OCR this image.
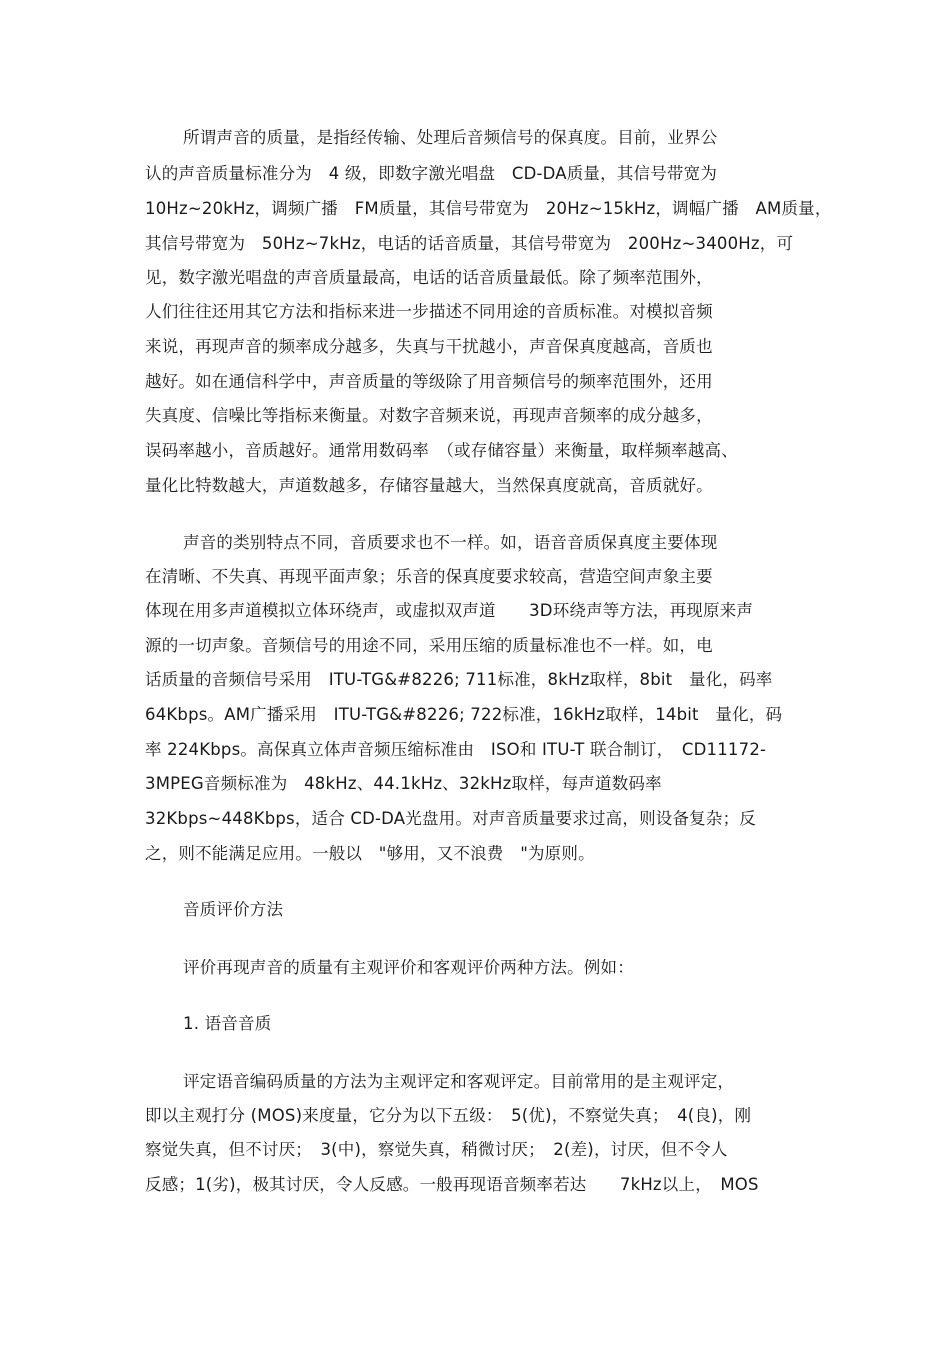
所谓声音的质量，是指经传输、处理后音频信号的保真度。目前，业界公
认的声音质量标准分为　4 级，即数字激光唱盘　CD-DA质量，其信号带宽为
10Hz~20kHz，调频广播　FM质量，其信号带宽为　20Hz~15kHz，调幅广播　AM质量，
其信号带宽为　50Hz~7kHz，电话的话音质量，其信号带宽为　200Hz~3400Hz，可
见，数字激光唱盘的声音质量最高，电话的话音质量最低。除了频率范围外，
人们往往还用其它方法和指标来进一步描述不同用途的音质标准。对模拟音频
来说，再现声音的频率成分越多，失真与干扰越小，声音保真度越高，音质也
越好。如在通信科学中，声音质量的等级除了用音频信号的频率范围外，还用
失真度、信噪比等指标来衡量。对数字音频来说，再现声音频率的成分越多，
误码率越小，音质越好。通常用数码率　（或存储容量）来衡量，取样频率越高、
量化比特数越大，声道数越多，存储容量越大，当然保真度就高，音质就好。
声音的类别特点不同，音质要求也不一样。如，语音音质保真度主要体现
在清晰、不失真、再现平面声象；乐音的保真度要求较高，营造空间声象主要
体现在用多声道模拟立体环绕声，或虚拟双声道　　3D环绕声等方法，再现原来声
源的一切声象。音频信号的用途不同，采用压缩的质量标准也不一样。如，电
话质量的音频信号采用　ITU-TG&#8226; 711标准，8kHz取样，8bit　量化，码率
64Kbps。AM广播采用　ITU-TG&#8226; 722标准，16kHz取样，14bit　量化，码
率 224Kbps。高保真立体声音频压缩标准由　ISO和 ITU-T 联合制订，　CD11172-
3MPEG音频标准为　48kHz、44.1kHz、32kHz取样，每声道数码率
32Kbps~448Kbps，适合 CD-DA光盘用。对声音质量要求过高，则设备复杂；反
之，则不能满足应用。一般以　"够用，又不浪费　"为原则。
音质评价方法
评价再现声音的质量有主观评价和客观评价两种方法。例如：
1. 语音音质
评定语音编码质量的方法为主观评定和客观评定。目前常用的是主观评定，
即以主观打分 (MOS)来度量，它分为以下五级：　5(优)，不察觉失真；　4(良)，刚
察觉失真，但不讨厌；　3(中)，察觉失真，稍微讨厌；　2(差)，讨厌，但不令人
反感；1(劣)，极其讨厌，令人反感。一般再现语音频率若达　　7kHz以上，　MOS
